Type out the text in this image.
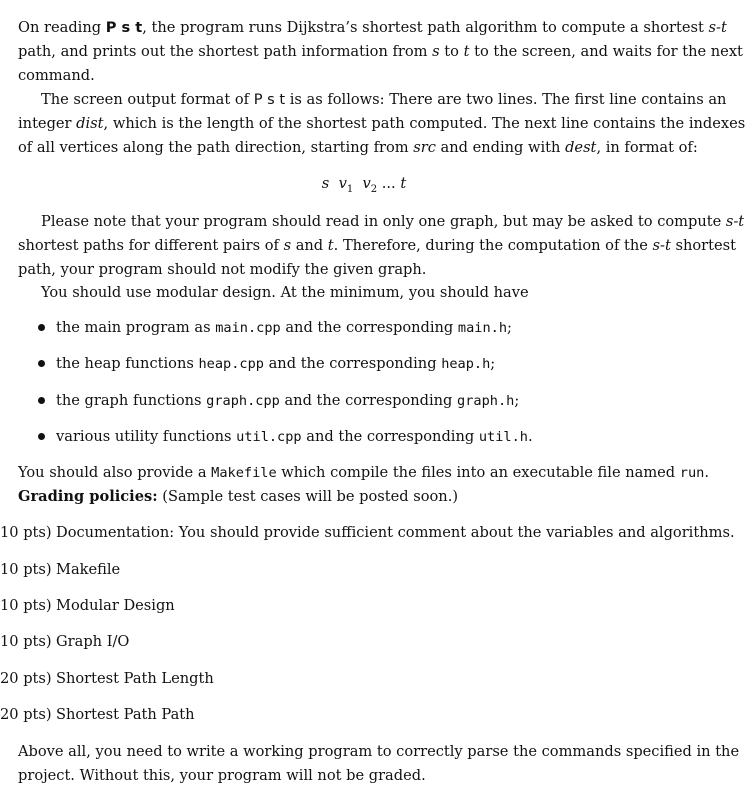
On reading P s t, the program runs Dijkstra’s shortest path algorithm to compute a shortest s-t
path, and prints out the shortest path information from s to t to the screen, and waits for the next
command.
The screen output format of P s t is as follows: There are two lines. The first line contains an
integer dist, which is the length of the shortest path computed. The next line contains the indexes
of all vertices along the path direction, starting from src and ending with dest, in format of:
s $v_1$ $v_2$ ... t
Please note that your program should read in only one graph, but may be asked to compute s-t
shortest paths for different pairs of s and t. Therefore, during the computation of the s-t shortest
path, your program should not modify the given graph.
You should use modular design. At the minimum, you should have
the main program as main.cpp and the corresponding main.h;
the heap functions heap.cpp and the corresponding heap.h;
the graph functions graph.cpp and the corresponding graph.h;
various utility functions util.cpp and the corresponding util.h.
You should also provide a Makefile which compile the files into an executable file named run.
Grading policies: (Sample test cases will be posted soon.)
10 pts) Documentation: You should provide sufficient comment about the variables and algorithms.
10 pts) Makefile
10 pts) Modular Design
10 pts) Graph I/O
20 pts) Shortest Path Length
20 pts) Shortest Path Path
Above all, you need to write a working program to correctly parse the commands specified in the
project. Without this, your program will not be graded.
